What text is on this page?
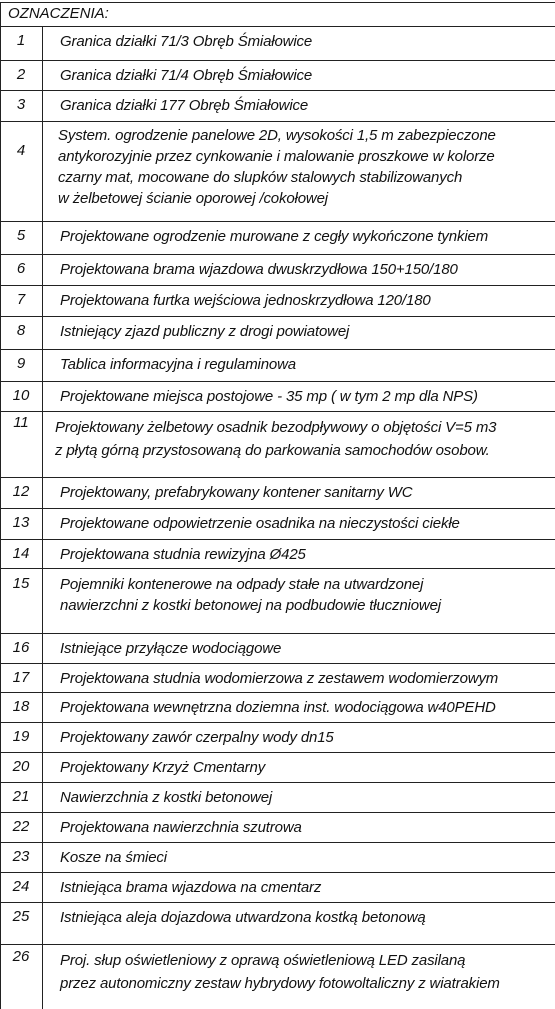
OZNACZENIA:
1	Granica działki 71/3 Obręb Śmiałowice
2	Granica działki 71/4 Obręb Śmiałowice
3	Granica działki 177 Obręb Śmiałowice
4
System. ogrodzenie panelowe 2D, wysokości 1,5 m zabezpieczone
antykorozyjnie przez cynkowanie i malowanie proszkowe w kolorze
czarny mat, mocowane do slupków stalowych stabilizowanych
w żelbetowej ścianie oporowej /cokołowej
5	Projektowane ogrodzenie murowane z cegły wykończone tynkiem
6	Projektowana brama wjazdowa dwuskrzydłowa 150+150/180
7	Projektowana furtka wejściowa jednoskrzydłowa 120/180
8	Istniejący zjazd publiczny z drogi powiatowej
9	Tablica informacyjna i regulaminowa
10	Projektowane miejsca postojowe - 35 mp ( w tym 2 mp dla NPS)
11	Projektowany żelbetowy osadnik bezodpływowy o objętości V=5 m3
z płytą górną przystosowaną do parkowania samochodów osobow.
12	Projektowany, prefabrykowany kontener sanitarny WC
13	Projektowane odpowietrzenie osadnika na nieczystości ciekłe
14	Projektowana studnia rewizyjna Ø425
15	Pojemniki kontenerowe na odpady stałe na utwardzonej
nawierzchni z kostki betonowej na podbudowie tłuczniowej
16	Istniejące przyłącze wodociągowe
17	Projektowana studnia wodomierzowa z zestawem wodomierzowym
18	Projektowana wewnętrzna doziemna inst. wodociągowa w40PEHD
19	Projektowany zawór czerpalny wody dn15
20	Projektowany Krzyż Cmentarny
21	Nawierzchnia z kostki betonowej
22	Projektowana nawierzchnia szutrowa
23	Kosze na śmieci
24	Istniejąca brama wjazdowa na cmentarz
25	Istniejąca aleja dojazdowa utwardzona kostką betonową
26	Proj. słup oświetleniowy z oprawą oświetleniową LED zasilaną
przez autonomiczny zestaw hybrydowy fotowoltaliczny z wiatrakiem
